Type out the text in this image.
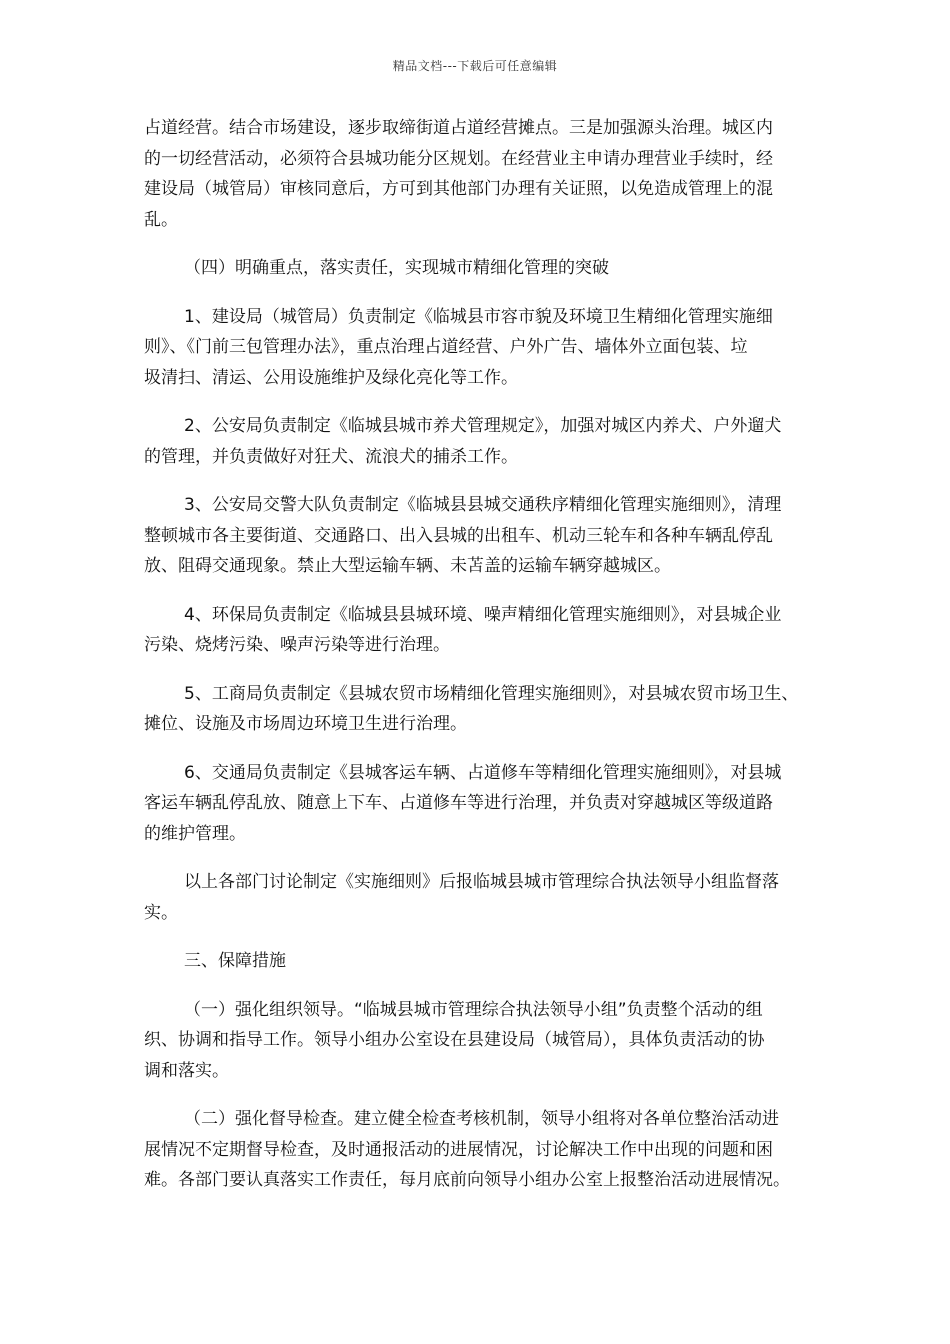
精品文档---下载后可任意编辑

占道经营。结合市场建设，逐步取缔街道占道经营摊点。三是加强源头治理。城区内
的一切经营活动，必须符合县城功能分区规划。在经营业主申请办理营业手续时，经
建设局（城管局）审核同意后，方可到其他部门办理有关证照，以免造成管理上的混
乱。

（四）明确重点，落实责任，实现城市精细化管理的突破

1、建设局（城管局）负责制定《临城县市容市貌及环境卫生精细化管理实施细
则》、《门前三包管理办法》，重点治理占道经营、户外广告、墙体外立面包装、垃
圾清扫、清运、公用设施维护及绿化亮化等工作。

2、公安局负责制定《临城县城市养犬管理规定》，加强对城区内养犬、户外遛犬
的管理，并负责做好对狂犬、流浪犬的捕杀工作。

3、公安局交警大队负责制定《临城县县城交通秩序精细化管理实施细则》，清理
整顿城市各主要街道、交通路口、出入县城的出租车、机动三轮车和各种车辆乱停乱
放、阻碍交通现象。禁止大型运输车辆、未苫盖的运输车辆穿越城区。

4、环保局负责制定《临城县县城环境、噪声精细化管理实施细则》，对县城企业
污染、烧烤污染、噪声污染等进行治理。

5、工商局负责制定《县城农贸市场精细化管理实施细则》，对县城农贸市场卫生、
摊位、设施及市场周边环境卫生进行治理。

6、交通局负责制定《县城客运车辆、占道修车等精细化管理实施细则》，对县城
客运车辆乱停乱放、随意上下车、占道修车等进行治理，并负责对穿越城区等级道路
的维护管理。

以上各部门讨论制定《实施细则》后报临城县城市管理综合执法领导小组监督落
实。

三、保障措施

（一）强化组织领导。“临城县城市管理综合执法领导小组”负责整个活动的组
织、协调和指导工作。领导小组办公室设在县建设局（城管局），具体负责活动的协
调和落实。

（二）强化督导检查。建立健全检查考核机制，领导小组将对各单位整治活动进
展情况不定期督导检查，及时通报活动的进展情况，讨论解决工作中出现的问题和困
难。各部门要认真落实工作责任，每月底前向领导小组办公室上报整治活动进展情况。
